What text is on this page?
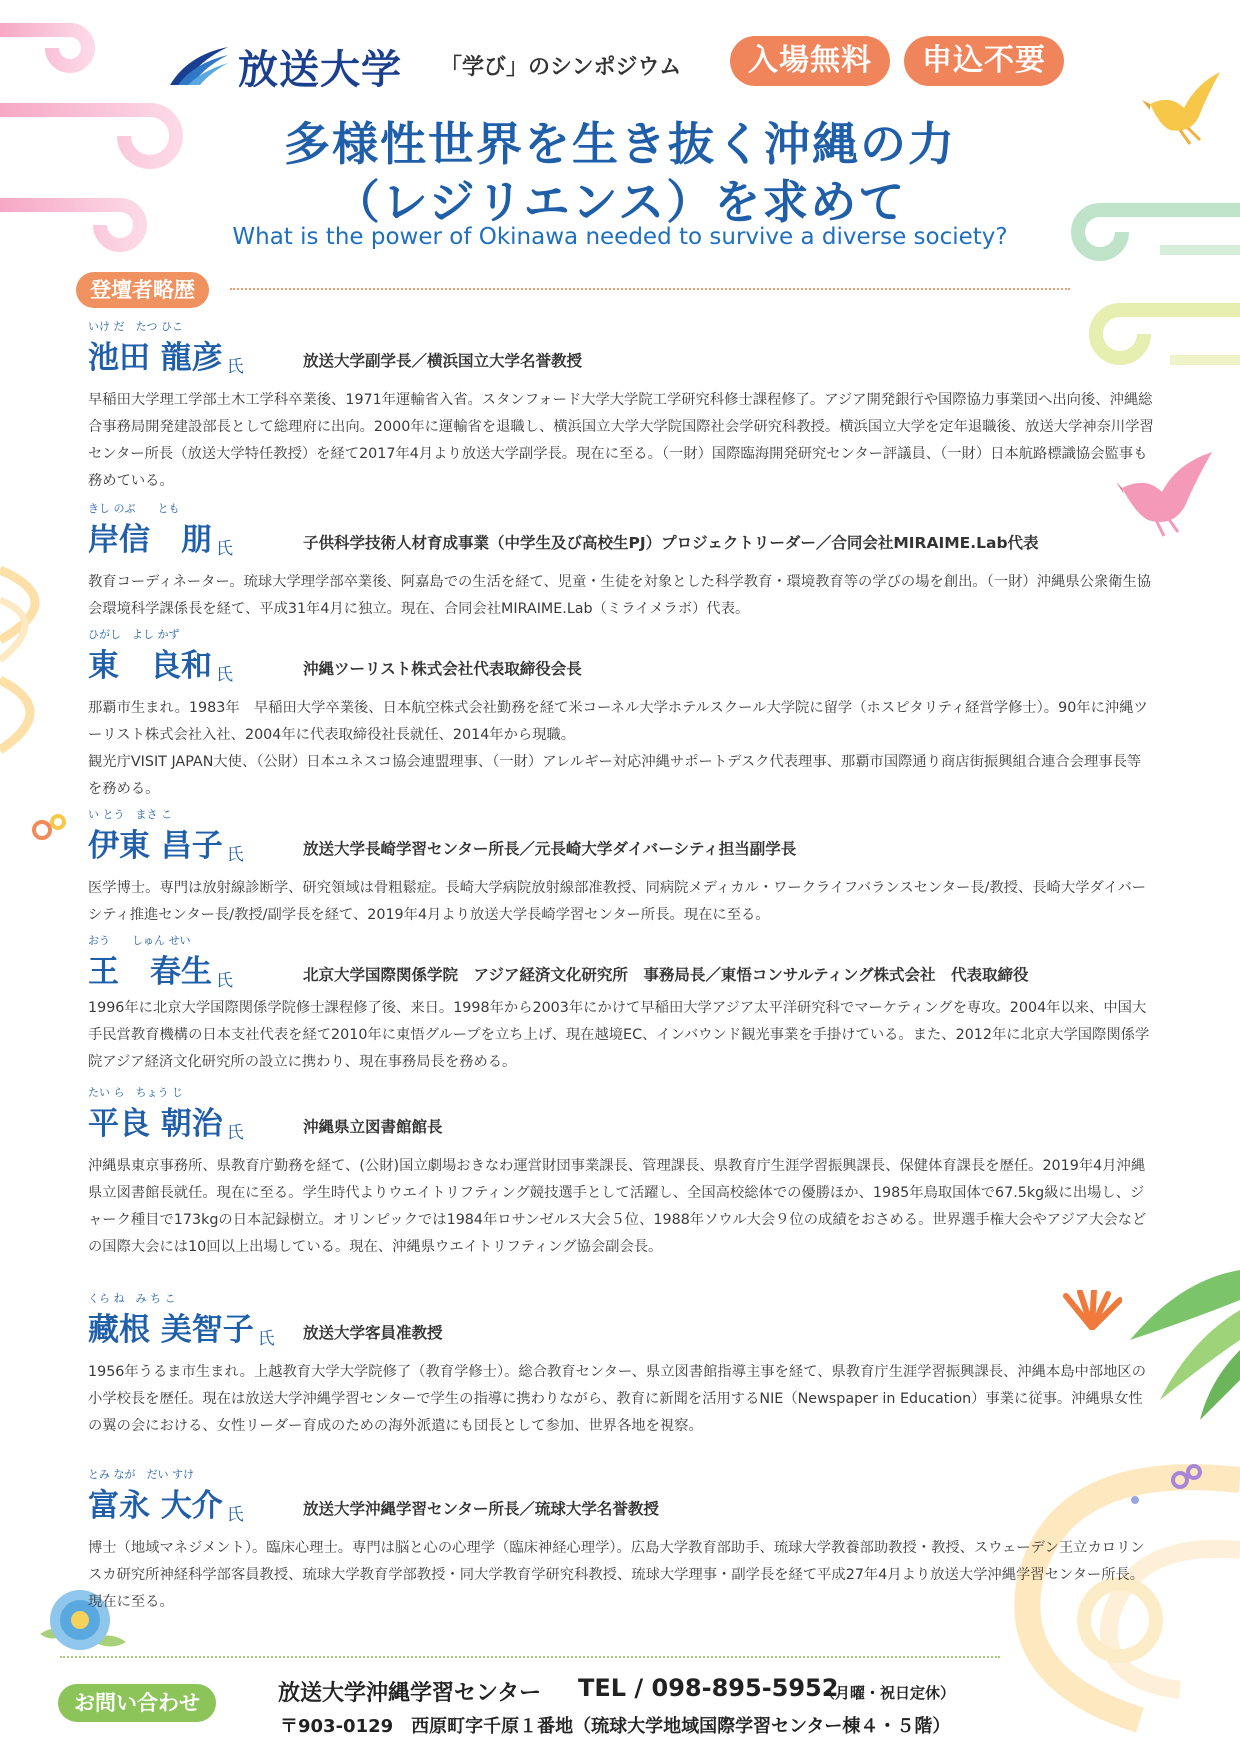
放送大学 「学び」のシンポジウム	入場無料	申込不要
多様性世界を生き抜く沖縄の力
（レジリエンス）を求めて
What is the power of Okinawa needed to survive a diverse society?
登壇者略歴
いけ だ　たつ ひこ
池田 龍彦 氏	放送大学副学長／横浜国立大学名誉教授
早稲田大学理工学部土木工学科卒業後、1971年運輸省入省。スタンフォード大学大学院工学研究科修士課程修了。アジア開発銀行や国際協力事業団へ出向後、沖縄総合事務局開発建設部長として総理府に出向。2000年に運輸省を退職し、横浜国立大学大学院国際社会学研究科教授。横浜国立大学を定年退職後、放送大学神奈川学習センター所長（放送大学特任教授）を経て2017年4月より放送大学副学長。現在に至る。（一財）国際臨海開発研究センター評議員、（一財）日本航路標識協会監事も務めている。
きし のぶ　　とも
岸信　朋 氏	子供科学技術人材育成事業（中学生及び高校生PJ）プロジェクトリーダー／合同会社MIRAIME.Lab代表
教育コーディネーター。琉球大学理学部卒業後、阿嘉島での生活を経て、児童・生徒を対象とした科学教育・環境教育等の学びの場を創出。（一財）沖縄県公衆衛生協会環境科学課係長を経て、平成31年4月に独立。現在、合同会社MIRAIME.Lab（ミライメラボ）代表。
ひがし　よし かず
東　良和 氏	沖縄ツーリスト株式会社代表取締役会長
那覇市生まれ。1983年　早稲田大学卒業後、日本航空株式会社勤務を経て米コーネル大学ホテルスクール大学院に留学（ホスピタリティ経営学修士）。90年に沖縄ツーリスト株式会社入社、2004年に代表取締役社長就任、2014年から現職。
観光庁VISIT JAPAN大使、（公財）日本ユネスコ協会連盟理事、（一財）アレルギー対応沖縄サポートデスク代表理事、那覇市国際通り商店街振興組合連合会理事長等を務める。
い とう　まさ こ
伊東 昌子 氏	放送大学長崎学習センター所長／元長崎大学ダイバーシティ担当副学長
医学博士。専門は放射線診断学、研究領域は骨粗鬆症。長崎大学病院放射線部准教授、同病院メディカル・ワークライフバランスセンター長/教授、長崎大学ダイバーシティ推進センター長/教授/副学長を経て、2019年4月より放送大学長崎学習センター所長。現在に至る。
おう　　しゅん せい
王　春生 氏	北京大学国際関係学院　アジア経済文化研究所　事務局長／東悟コンサルティング株式会社　代表取締役
1996年に北京大学国際関係学院修士課程修了後、来日。1998年から2003年にかけて早稲田大学アジア太平洋研究科でマーケティングを専攻。2004年以来、中国大手民営教育機構の日本支社代表を経て2010年に東悟グループを立ち上げ、現在越境EC、インバウンド観光事業を手掛けている。また、2012年に北京大学国際関係学院アジア経済文化研究所の設立に携わり、現在事務局長を務める。
たい ら　ちょう じ
平良 朝治 氏	沖縄県立図書館館長
沖縄県東京事務所、県教育庁勤務を経て、(公財)国立劇場おきなわ運営財団事業課長、管理課長、県教育庁生涯学習振興課長、保健体育課長を歴任。2019年4月沖縄県立図書館長就任。現在に至る。学生時代よりウエイトリフティング競技選手として活躍し、全国高校総体での優勝ほか、1985年鳥取国体で67.5kg級に出場し、ジャーク種目で173kgの日本記録樹立。オリンピックでは1984年ロサンゼルス大会５位、1988年ソウル大会９位の成績をおさめる。世界選手権大会やアジア大会などの国際大会には10回以上出場している。現在、沖縄県ウエイトリフティング協会副会長。
くら ね　み ち こ
藏根 美智子 氏 放送大学客員准教授
1956年うるま市生まれ。上越教育大学大学院修了（教育学修士）。総合教育センター、県立図書館指導主事を経て、県教育庁生涯学習振興課長、沖縄本島中部地区の小学校長を歴任。現在は放送大学沖縄学習センターで学生の指導に携わりながら、教育に新聞を活用するNIE（Newspaper in Education）事業に従事。沖縄県女性の翼の会における、女性リーダー育成のための海外派遣にも団長として参加、世界各地を視察。
とみ なが　だい すけ
富永 大介 氏	放送大学沖縄学習センター所長／琉球大学名誉教授
博士（地域マネジメント）。臨床心理士。専門は脳と心の心理学（臨床神経心理学）。広島大学教育部助手、琉球大学教養部助教授・教授、スウェーデン王立カロリンスカ研究所神経科学部客員教授、琉球大学教育学部教授・同大学教育学研究科教授、琉球大学理事・副学長を経て平成27年4月より放送大学沖縄学習センター所長。現在に至る。
お問い合わせ	放送大学沖縄学習センター TEL / 098-895-5952
（月曜・祝日定休）
〒903-0129　西原町字千原１番地（琉球大学地域国際学習センター棟４・５階）
